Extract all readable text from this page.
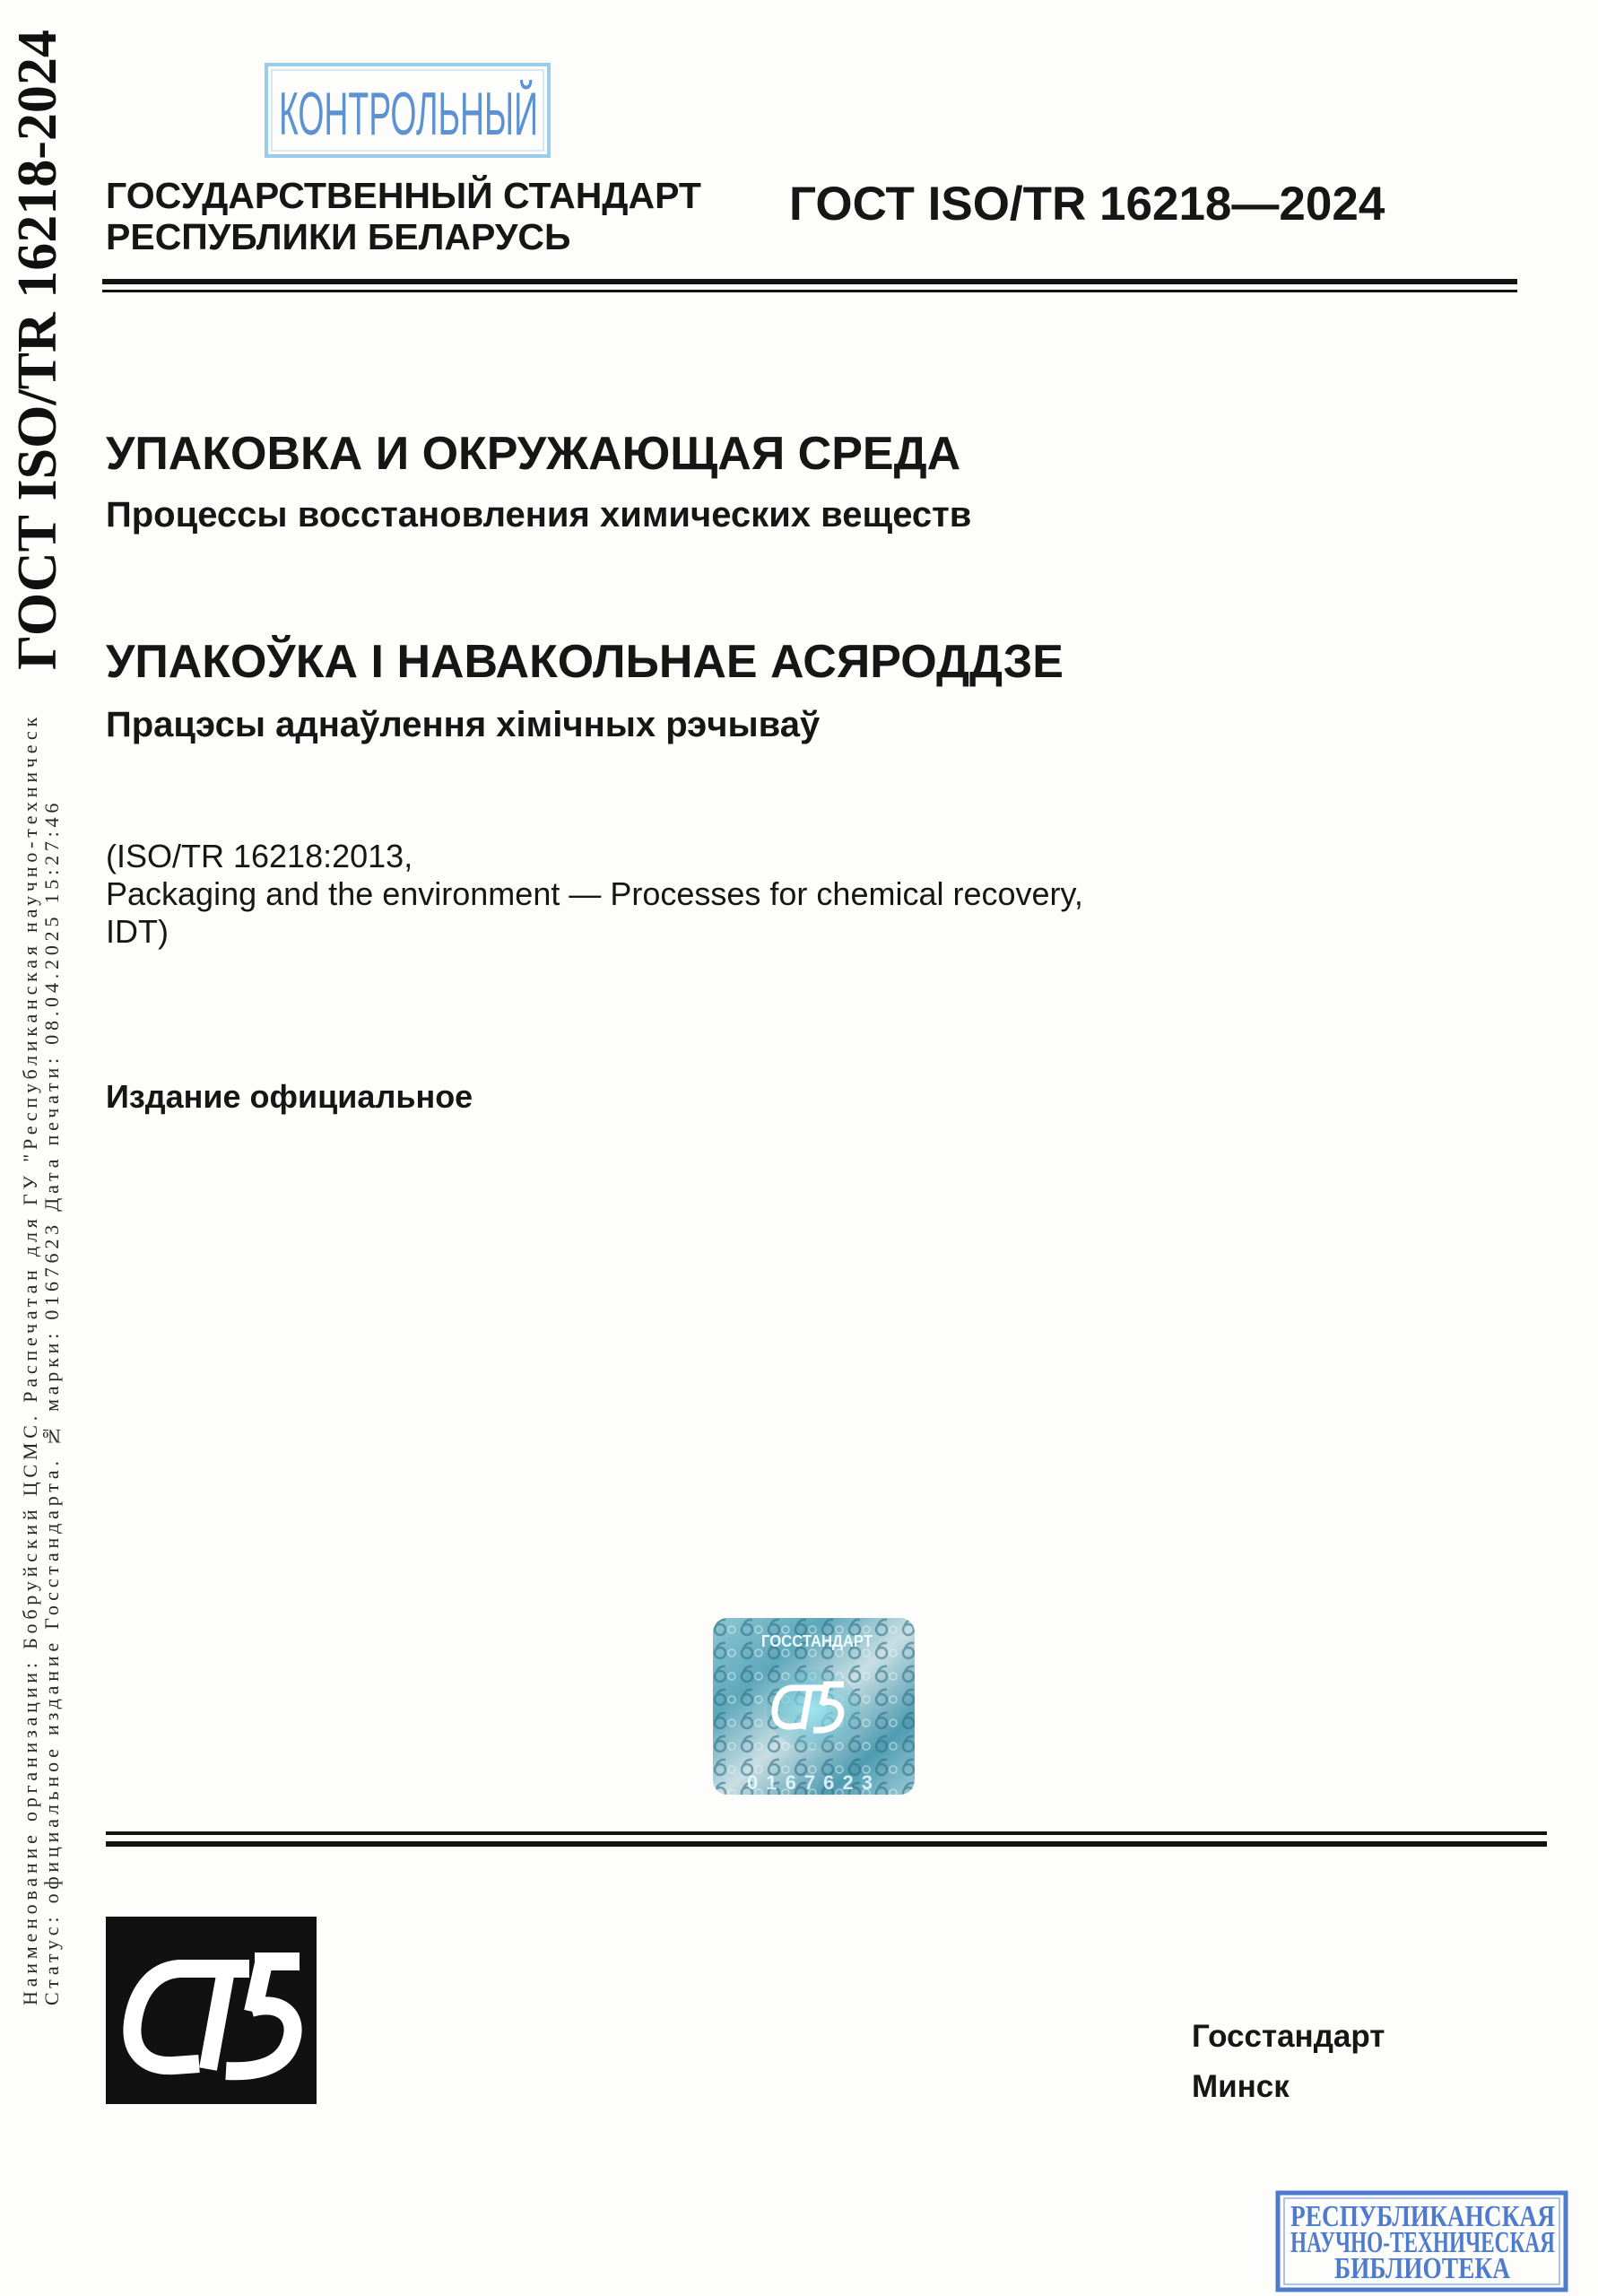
ГОСТ ISO/TR 16218-2024
Наименование организации: Бобруйский ЦСМС. Распечатан для ГУ "Республиканская научно-техническ Статус: официальное издание Госстандарта. № марки: 0167623 Дата печати: 08.04.2025 15:27:46
КОНТРОЛЬНЫЙ
ГОСУДАРСТВЕННЫЙ СТАНДАРТ
РЕСПУБЛИКИ БЕЛАРУСЬ
ГОСТ ISO/TR 16218—2024
УПАКОВКА И ОКРУЖАЮЩАЯ СРЕДА
Процессы восстановления химических веществ
УПАКОЎКА І НАВАКОЛЬНАЕ АСЯРОДДЗЕ
Працэсы аднаўлення хімічных рэчываў
(ISO/TR 16218:2013,
Packaging and the environment — Processes for chemical recovery,
IDT)
Издание официальное
ГОССТАНДАРТ
0167623
Госстандарт
Минск
РЕСПУБЛИКАНСКАЯ
НАУЧНО-ТЕХНИЧЕСКАЯ
БИБЛИОТЕКА
